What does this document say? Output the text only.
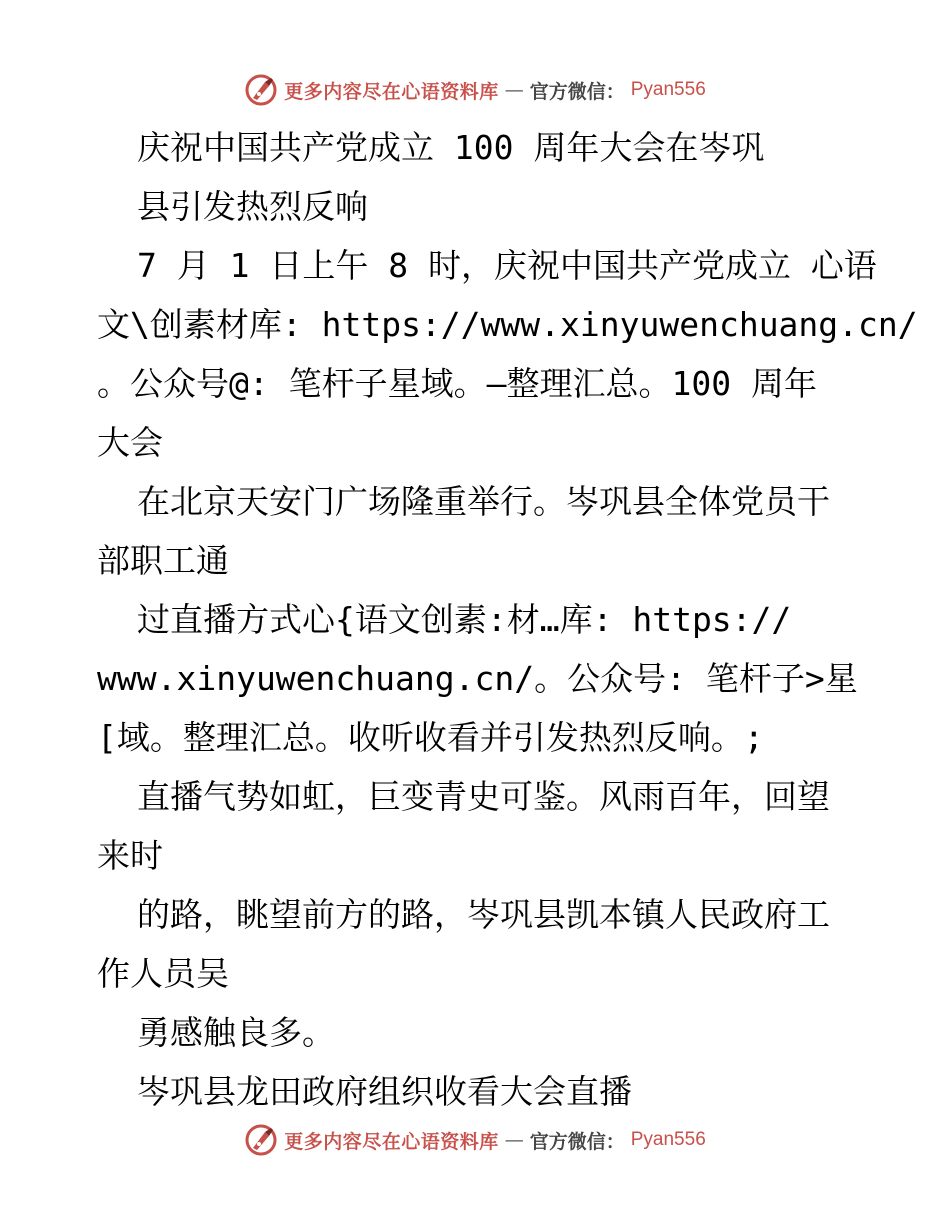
更多内容尽在心语资料库 — 官方微信： Pyan556
庆祝中国共产党成立 100 周年大会在岑巩
县引发热烈反响
7 月 1 日上午 8 时，庆祝中国共产党成立 心语
文\创素材库: https://www.xinyuwenchuang.cn/
。公众号@: 笔杆子星域。—整理汇总。100 周年
大会
在北京天安门广场隆重举行。岑巩县全体党员干
部职工通
过直播方式心{语文创素:材…库: https://
www.xinyuwenchuang.cn/。公众号: 笔杆子>星
[域。整理汇总。收听收看并引发热烈反响。;
直播气势如虹，巨变青史可鉴。风雨百年，回望
来时
的路，眺望前方的路，岑巩县凯本镇人民政府工
作人员吴
勇感触良多。
岑巩县龙田政府组织收看大会直播
更多内容尽在心语资料库 — 官方微信： Pyan556
